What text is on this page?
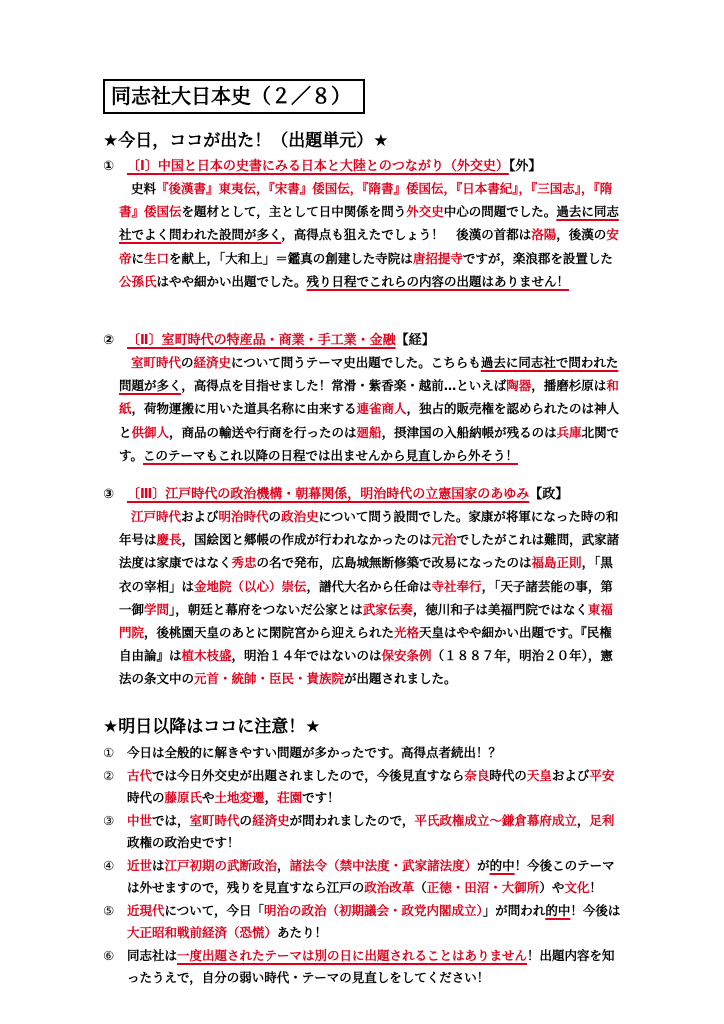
同志社大日本史（２／８）
★今日，ココが出た！（出題単元）★
① 〔Ⅰ〕中国と日本の史書にみる日本と大陸とのつながり（外交史）【外】
史料『後漢書』東夷伝，『宋書』倭国伝，『隋書』倭国伝，『日本書紀』，『三国志』，『隋書』倭国伝を題材として，主として日中関係を問う外交史中心の問題でした。過去に同志社でよく問われた設問が多く，高得点も狙えたでしょう！　後漢の首都は洛陽，後漢の安帝に生口を献上，「大和上」＝鑑真の創建した寺院は唐招提寺ですが，楽浪郡を設置した公孫氏はやや細かい出題でした。残り日程でこれらの内容の出題はありません！
② 〔Ⅱ〕室町時代の特産品・商業・手工業・金融【経】
室町時代の経済史について問うテーマ史出題でした。こちらも過去に同志社で問われた問題が多く，高得点を目指せました！常滑・紫香楽・越前…といえば陶器，播磨杉原は和紙，荷物運搬に用いた道具名称に由来する連雀商人，独占的販売権を認められたのは神人と供御人，商品の輸送や行商を行ったのは廻船，摂津国の入船納帳が残るのは兵庫北関です。このテーマもこれ以降の日程では出ませんから見直しから外そう！
③ 〔Ⅲ〕江戸時代の政治機構・朝幕関係，明治時代の立憲国家のあゆみ【政】
江戸時代および明治時代の政治史について問う設問でした。家康が将軍になった時の和年号は慶長，国絵図と郷帳の作成が行われなかったのは元治でしたがこれは難問，武家諸法度は家康ではなく秀忠の名で発布，広島城無断修築で改易になったのは福島正則，「黒衣の宰相」は金地院（以心）崇伝，譜代大名から任命は寺社奉行，「天子諸芸能の事，第一御学問」，朝廷と幕府をつないだ公家とは武家伝奏，徳川和子は美福門院ではなく東福門院，後桃園天皇のあとに閑院宮から迎えられた光格天皇はやや細かい出題です。『民権自由論』は植木枝盛，明治１４年ではないのは保安条例（１８８７年，明治２０年），憲法の条文中の元首・統帥・臣民・貴族院が出題されました。
★明日以降はココに注意！★
① 今日は全般的に解きやすい問題が多かったです。高得点者続出！？
② 古代では今日外交史が出題されましたので，今後見直すなら奈良時代の天皇および平安時代の藤原氏や土地変遷，荘園です！
③ 中世では，室町時代の経済史が問われましたので，平氏政権成立～鎌倉幕府成立，足利政権の政治史です！
④ 近世は江戸初期の武断政治，諸法令（禁中法度・武家諸法度）が的中！今後このテーマは外せますので，残りを見直すなら江戸の政治改革（正徳・田沼・大御所）や文化！
⑤ 近現代について，今日「明治の政治（初期議会・政党内閣成立）」が問われ的中！今後は大正昭和戦前経済（恐慌）あたり！
⑥ 同志社は一度出題されたテーマは別の日に出題されることはありません！出題内容を知ったうえで，自分の弱い時代・テーマの見直しをしてください！
